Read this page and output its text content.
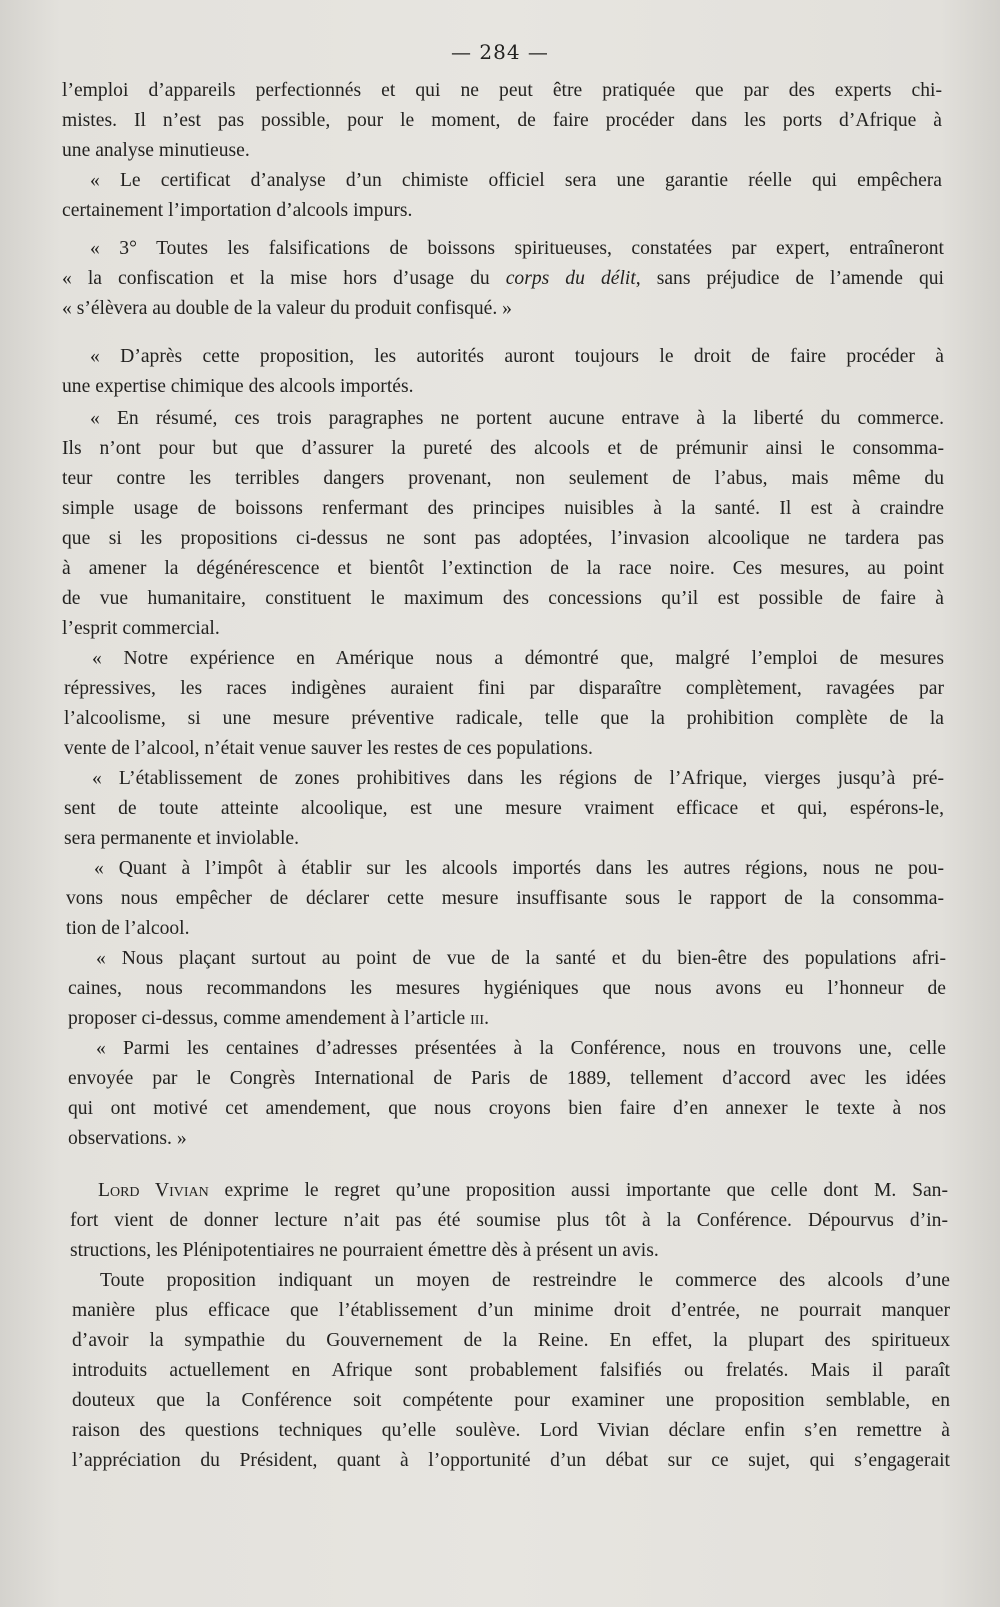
— 284 —
l’emploi d’appareils perfectionnés et qui ne peut être pratiquée que par des experts chi-
mistes. Il n’est pas possible, pour le moment, de faire procéder dans les ports d’Afrique à
une analyse minutieuse.
« Le certificat d’analyse d’un chimiste officiel sera une garantie réelle qui empêchera
certainement l’importation d’alcools impurs.
« 3° Toutes les falsifications de boissons spiritueuses, constatées par expert, entraîneront
« la confiscation et la mise hors d’usage du corps du délit, sans préjudice de l’amende qui
« s’élèvera au double de la valeur du produit confisqué. »
« D’après cette proposition, les autorités auront toujours le droit de faire procéder à
une expertise chimique des alcools importés.
« En résumé, ces trois paragraphes ne portent aucune entrave à la liberté du commerce.
Ils n’ont pour but que d’assurer la pureté des alcools et de prémunir ainsi le consomma-
teur contre les terribles dangers provenant, non seulement de l’abus, mais même du
simple usage de boissons renfermant des principes nuisibles à la santé. Il est à craindre
que si les propositions ci-dessus ne sont pas adoptées, l’invasion alcoolique ne tardera pas
à amener la dégénérescence et bientôt l’extinction de la race noire. Ces mesures, au point
de vue humanitaire, constituent le maximum des concessions qu’il est possible de faire à
l’esprit commercial.
« Notre expérience en Amérique nous a démontré que, malgré l’emploi de mesures
répressives, les races indigènes auraient fini par disparaître complètement, ravagées par
l’alcoolisme, si une mesure préventive radicale, telle que la prohibition complète de la
vente de l’alcool, n’était venue sauver les restes de ces populations.
« L’établissement de zones prohibitives dans les régions de l’Afrique, vierges jusqu’à pré-
sent de toute atteinte alcoolique, est une mesure vraiment efficace et qui, espérons-le,
sera permanente et inviolable.
« Quant à l’impôt à établir sur les alcools importés dans les autres régions, nous ne pou-
vons nous empêcher de déclarer cette mesure insuffisante sous le rapport de la consomma-
tion de l’alcool.
« Nous plaçant surtout au point de vue de la santé et du bien-être des populations afri-
caines, nous recommandons les mesures hygiéniques que nous avons eu l’honneur de
proposer ci-dessus, comme amendement à l’article iii.
« Parmi les centaines d’adresses présentées à la Conférence, nous en trouvons une, celle
envoyée par le Congrès International de Paris de 1889, tellement d’accord avec les idées
qui ont motivé cet amendement, que nous croyons bien faire d’en annexer le texte à nos
observations. »
Lord Vivian exprime le regret qu’une proposition aussi importante que celle dont M. San-
fort vient de donner lecture n’ait pas été soumise plus tôt à la Conférence. Dépourvus d’in-
structions, les Plénipotentiaires ne pourraient émettre dès à présent un avis.
Toute proposition indiquant un moyen de restreindre le commerce des alcools d’une
manière plus efficace que l’établissement d’un minime droit d’entrée, ne pourrait manquer
d’avoir la sympathie du Gouvernement de la Reine. En effet, la plupart des spiritueux
introduits actuellement en Afrique sont probablement falsifiés ou frelatés. Mais il paraît
douteux que la Conférence soit compétente pour examiner une proposition semblable, en
raison des questions techniques qu’elle soulève. Lord Vivian déclare enfin s’en remettre à
l’appréciation du Président, quant à l’opportunité d’un débat sur ce sujet, qui s’engagerait
